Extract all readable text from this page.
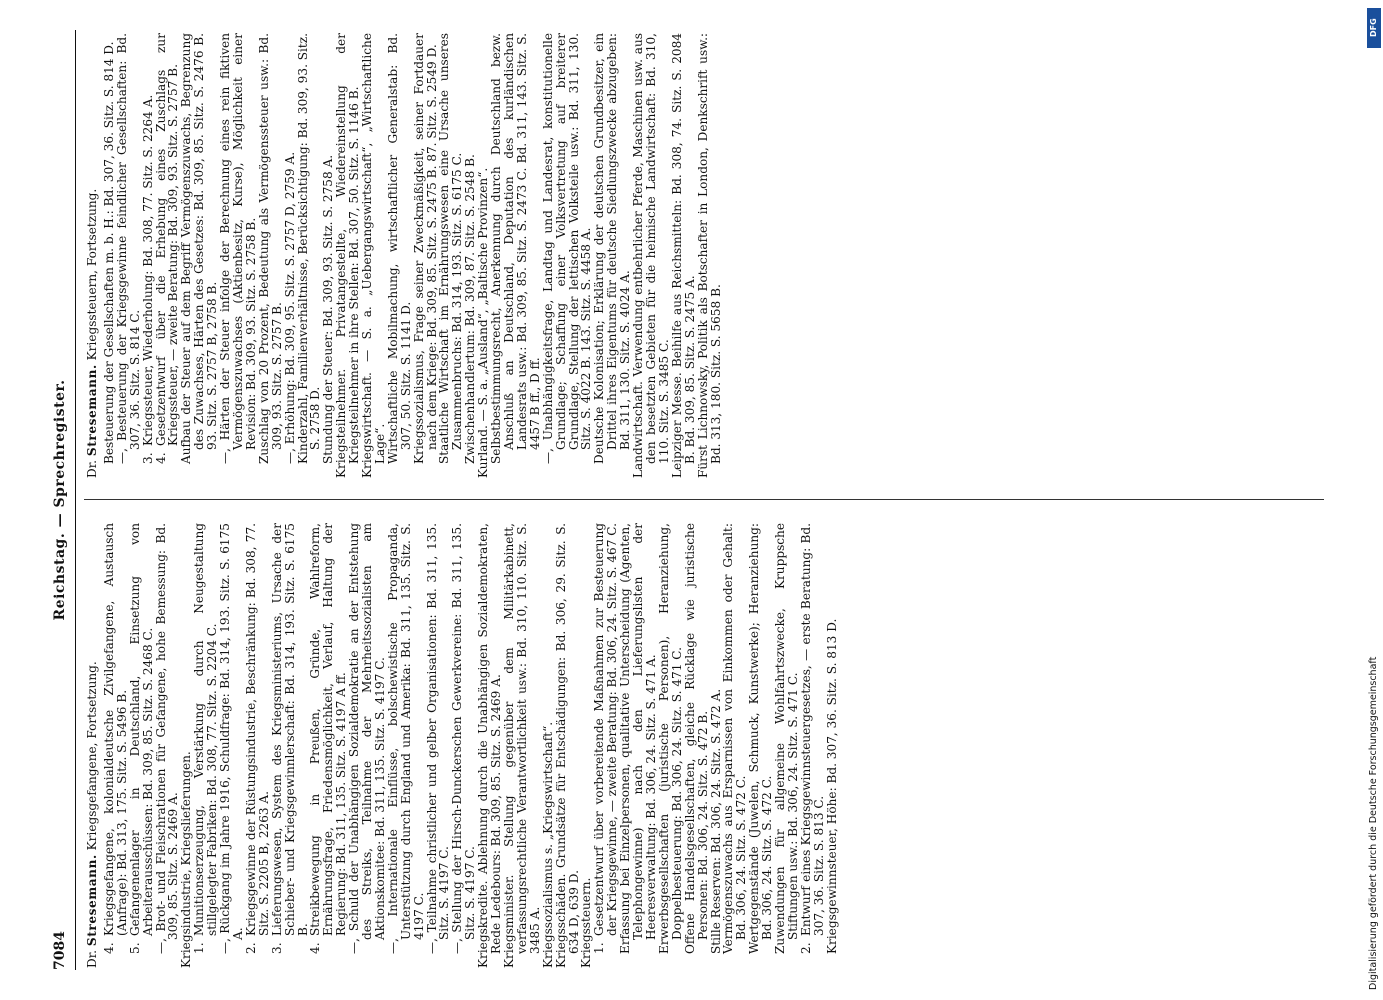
7084
Reichstag. — Sprechregister.
Dr. Stresemann. Kriegsgefangene, Fortsetzung.

4.Kriegsgefangene, kolonialdeutsche Zivilgefangene, Austausch (Anfrage): Bd. 313, 175. Sitz. S. 5496 B.

5.Gefangenenlager in Deutschland, Einsetzung von Arbeiterausschüssen: Bd. 309, 85. Sitz. S. 2468 C.

—, Brot- und Fleischrationen für Gefangene, hohe Bemessung: Bd. 309, 85. Sitz. S. 2469 A.

Kriegsindustrie, Kriegslieferungen.

1.Munitionserzeugung, Verstärkung durch Neugestaltung stillgelegter Fabriken: Bd. 308, 77. Sitz. S. 2204 C.

—, Rückgang im Jahre 1916, Schuldfrage: Bd. 314, 193. Sitz. S. 6175 A.

2.Kriegsgewinne der Rüstungsindustrie, Beschränkung: Bd. 308, 77. Sitz. S. 2205 B, 2263 A.

3.Lieferungswesen, System des Kriegsministeriums, Ursache der Schieber- und Kriegsgewinnlerschaft: Bd. 314, 193. Sitz. S. 6175 B.

4.Streikbewegung in Preußen, Gründe, Wahlreform, Ernährungsfrage, Friedensmöglichkeit, Verlauf, Haltung der Regierung: Bd. 311, 135. Sitz. S. 4197 A ff.

—, Schuld der Unabhängigen Sozialdemokratie an der Entstehung des Streiks, Teilnahme der Mehrheitssozialisten am Aktionskomitee: Bd. 311, 135. Sitz. S. 4197 C.

—, Internationale Einflüsse, bolschewistische Propaganda, Unterstützung durch England und Amerika: Bd. 311, 135. Sitz. S. 4197 C.

—, Teilnahme christlicher und gelber Organisationen: Bd. 311, 135. Sitz. S. 4197 C.

—, Stellung der Hirsch-Dunckerschen Gewerkvereine: Bd. 311, 135. Sitz. S. 4197 C.

Kriegskredite. Ablehnung durch die Unabhängigen Sozialdemokraten, Rede Ledebours: Bd. 309, 85. Sitz. S. 2469 A.

Kriegsminister. Stellung gegenüber dem Militärkabinett, verfassungsrechtliche Verantwortlichkeit usw.: Bd. 310, 110. Sitz. S. 3485 A.

Kriegssozialismus s. „Kriegswirtschaft“.

Kriegsschäden. Grundsätze für Entschädigungen: Bd. 306, 29. Sitz. S. 634 D, 639 D.

Kriegssteuern.

1.Gesetzentwurf über vorbereitende Maßnahmen zur Besteuerung der Kriegsgewinne, — zweite Beratung: Bd. 306, 24. Sitz. S. 467 C.

Erfassung bei Einzelpersonen, qualitative Unterscheidung (Agenten, Telephongewinne) nach den Lieferungslisten der Heeresverwaltung: Bd. 306, 24. Sitz. S. 471 A.

Erwerbsgesellschaften (juristische Personen), Heranziehung, Doppelbesteuerung: Bd. 306, 24. Sitz. S. 471 C.

Offene Handelsgesellschaften, gleiche Rücklage wie juristische Personen: Bd. 306, 24. Sitz. S. 472 B.

Stille Reserven: Bd. 306, 24. Sitz. S. 472 A.

Vermögenszuwachs aus Ersparnissen von Einkommen oder Gehalt: Bd. 306, 24. Sitz. S. 472 C.

Wertgegenstände (Juwelen, Schmuck, Kunstwerke); Heranziehung: Bd. 306, 24. Sitz. S. 472 C.

Zuwendungen für allgemeine Wohlfahrtszwecke, Kruppsche Stiftungen usw.: Bd. 306, 24. Sitz. S. 471 C.

2.Entwurf eines Kriegsgewinnsteuergesetzes, — erste Beratung: Bd. 307, 36. Sitz. S. 813 C.

Kriegsgewinnsteuer, Höhe: Bd. 307, 36. Sitz. S. 813 D.

Dr. Stresemann. Kriegssteuern, Fortsetzung. Besteuerung der Gesellschaften m. b. H.: Bd. 307, 36. Sitz. S. 814 D.

—, Besteuerung der Kriegsgewinne feindlicher Gesellschaften: Bd. 307, 36. Sitz. S. 814 C.

3.Kriegssteuer, Wiederholung: Bd. 308, 77. Sitz. S. 2264 A.

4.Gesetzentwurf über die Erhebung eines Zuschlags zur Kriegssteuer, — zweite Beratung: Bd. 309, 93. Sitz. S. 2757 B.

Aufbau der Steuer auf dem Begriff Vermögenszuwachs, Begrenzung des Zuwachses, Härten des Gesetzes: Bd. 309, 85. Sitz. S. 2476 B. 93. Sitz. S. 2757 B, 2758 B.

—, Härten der Steuer infolge der Berechnung eines rein fiktiven Vermögenszuwachses (Aktienbesitz, Kurse), Möglichkeit einer Revision: Bd. 309, 93. Sitz. S. 2758 B.

Zuschlag von 20 Prozent, Bedeutung als Vermögenssteuer usw.: Bd. 309, 93. Sitz. S. 2757 B.

—, Erhöhung: Bd. 309, 95. Sitz. S. 2757 D, 2759 A.

Kinderzahl, Familienverhältnisse, Berücksichtigung: Bd. 309, 93. Sitz. S. 2758 D.

Stundung der Steuer: Bd. 309, 93. Sitz. S. 2758 A.

Kriegsteilnehmer. Privatangestellte, Wiedereinstellung der Kriegsteilnehmer in ihre Stellen: Bd. 307, 50. Sitz. S. 1146 B.

Kriegswirtschaft. — S. a. „Uebergangswirtschaft“, „Wirtschaftliche Lage“.

Wirtschaftliche Mobilmachung, wirtschaftlicher Generalstab: Bd. 307, 50. Sitz. S. 1141 D.

Kriegssozialismus, Frage seiner Zweckmäßigkeit, seiner Fortdauer nach dem Kriege: Bd. 309, 85. Sitz. S. 2475 B. 87. Sitz. S. 2549 D.

Staatliche Wirtschaft im Ernährungswesen eine Ursache unseres Zusammenbruchs: Bd. 314, 193. Sitz. S. 6175 C.

Zwischenhandlertum: Bd. 309, 87. Sitz. S. 2548 B.

Kurland. — S. a. „Ausland“, „Baltische Provinzen“.

Selbstbestimmungsrecht, Anerkennung durch Deutschland bezw. Anschluß an Deutschland, Deputation des kurländischen Landesrats usw.: Bd. 309, 85. Sitz. S. 2473 C. Bd. 311, 143. Sitz. S. 4457 B ff., D ff.

—, Unabhängigkeitsfrage, Landtag und Landesrat, konstitutionelle Grundlage; Schaffung einer Volksvertretung auf breiterer Grundlage, Stellung der lettischen Volksteile usw.: Bd. 311, 130. Sitz. S. 4022 B. 143. Sitz. S. 4458 A.

Deutsche Kolonisation; Erklärung der deutschen Grundbesitzer, ein Drittel ihres Eigentums für deutsche Siedlungszwecke abzugeben: Bd. 311, 130. Sitz. S. 4024 A.

Landwirtschaft. Verwendung entbehrlicher Pferde, Maschinen usw. aus den besetzten Gebieten für die heimische Landwirtschaft: Bd. 310, 110. Sitz. S. 3485 C.

Leipziger Messe. Beihilfe aus Reichsmitteln: Bd. 308, 74. Sitz. S. 2084 B. Bd. 309, 85. Sitz. S. 2475 A.

Fürst Lichnowsky, Politik als Botschafter in London, Denkschrift usw.: Bd. 313, 180. Sitz. S. 5658 B.

DFG
Digitalisierung gefördert durch die Deutsche Forschungsgemeinschaft
